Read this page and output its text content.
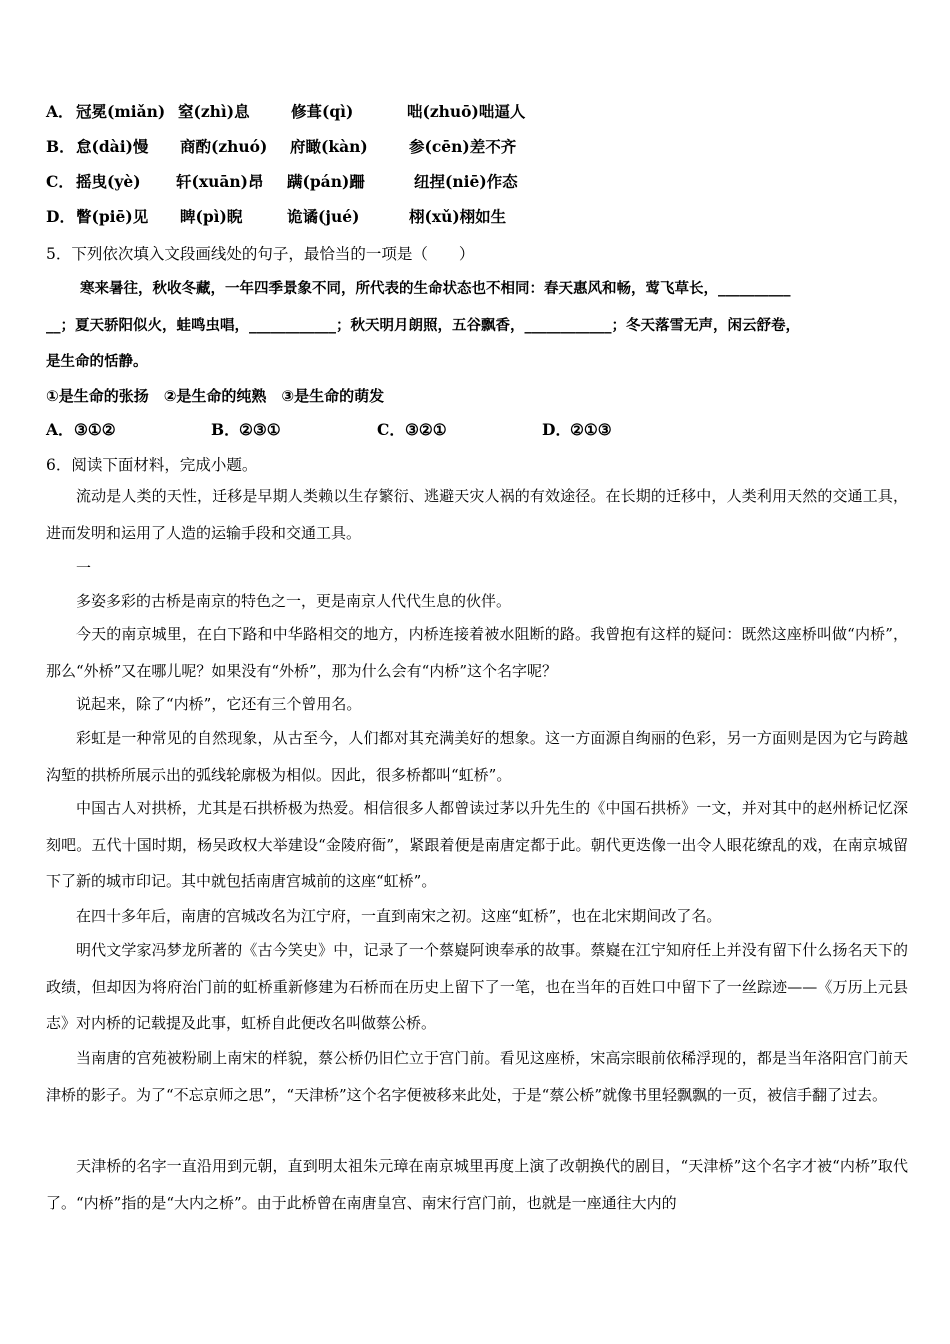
A． 冠冕(miǎn) 窒(zhì)息	修葺(qì)	咄(zhuō)咄逼人
B． 怠(dài)慢 商酌(zhuó) 府瞰(kàn)	参(cēn)差不齐
C． 摇曳(yè) 轩(xuān)昂 蹒(pán)跚	纽捏(niē)作态
D． 瞥(piē)见 睥(pì)睨	诡谲(jué)	栩(xǔ)栩如生
5．下列依次填入文段画线处的句子，最恰当的一项是（　　）
寒来暑往，秋收冬藏，一年四季景象不同，所代表的生命状态也不相同：春天惠风和畅，莺飞草长，__________
__；夏天骄阳似火，蛙鸣虫唱，____________；秋天明月朗照，五谷飘香，____________；冬天落雪无声，闲云舒卷，
是生命的恬静。
①是生命的张扬　②是生命的纯熟　③是生命的萌发
A． ③①②	B． ②③①	C． ③②①	D． ②①③
6．阅读下面材料，完成小题。
流动是人类的天性，迁移是早期人类赖以生存繁衍、逃避天灾人祸的有效途径。在长期的迁移中，人类利用天然的交通工具，进而发明和运用了人造的运输手段和交通工具。
一
多姿多彩的古桥是南京的特色之一，更是南京人代代生息的伙伴。
今天的南京城里，在白下路和中华路相交的地方，内桥连接着被水阻断的路。我曾抱有这样的疑问：既然这座桥叫做“内桥”，那么“外桥”又在哪儿呢？如果没有“外桥”，那为什么会有“内桥”这个名字呢？
说起来，除了“内桥”，它还有三个曾用名。
彩虹是一种常见的自然现象，从古至今，人们都对其充满美好的想象。这一方面源自绚丽的色彩，另一方面则是因为它与跨越沟堑的拱桥所展示出的弧线轮廓极为相似。因此，很多桥都叫“虹桥”。
中国古人对拱桥，尤其是石拱桥极为热爱。相信很多人都曾读过茅以升先生的《中国石拱桥》一文，并对其中的赵州桥记忆深刻吧。五代十国时期，杨吴政权大举建设“金陵府衙”，紧跟着便是南唐定都于此。朝代更迭像一出令人眼花缭乱的戏，在南京城留下了新的城市印记。其中就包括南唐宫城前的这座“虹桥”。
在四十多年后，南唐的宫城改名为江宁府，一直到南宋之初。这座“虹桥”，也在北宋期间改了名。
明代文学家冯梦龙所著的《古今笑史》中，记录了一个蔡嶷阿谀奉承的故事。蔡嶷在江宁知府任上并没有留下什么扬名天下的政绩，但却因为将府治门前的虹桥重新修建为石桥而在历史上留下了一笔，也在当年的百姓口中留下了一丝踪迹——《万历上元县志》对内桥的记载提及此事，虹桥自此便改名叫做蔡公桥。
当南唐的宫苑被粉刷上南宋的样貌，蔡公桥仍旧伫立于宫门前。看见这座桥，宋高宗眼前依稀浮现的，都是当年洛阳宫门前天津桥的影子。为了“不忘京师之思”，“天津桥”这个名字便被移来此处，于是“蔡公桥”就像书里轻飘飘的一页，被信手翻了过去。
天津桥的名字一直沿用到元朝，直到明太祖朱元璋在南京城里再度上演了改朝换代的剧目，“天津桥”这个名字才被“内桥”取代了。“内桥”指的是“大内之桥”。由于此桥曾在南唐皇宫、南宋行宫门前，也就是一座通往大内的
